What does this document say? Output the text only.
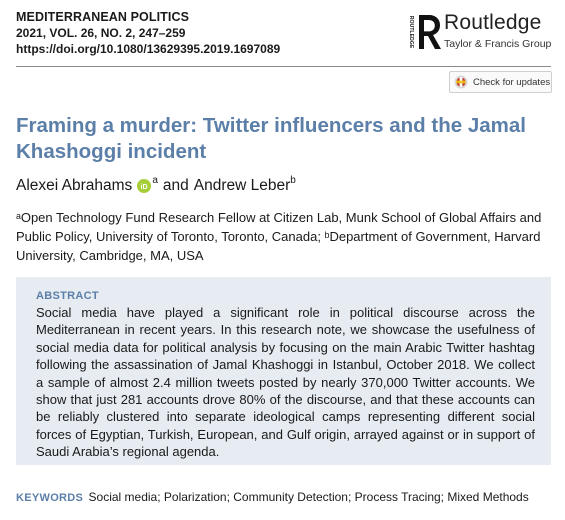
MEDITERRANEAN POLITICS
2021, VOL. 26, NO. 2, 247–259
https://doi.org/10.1080/13629395.2019.1697089
ROUTLEDGE Routledge
Taylor & Francis Group
Check for updates
Framing a murder: Twitter influencers and the Jamal Khashoggi incident
Alexei Abrahams iD
a and Andrew Leber b
ᵃOpen Technology Fund Research Fellow at Citizen Lab, Munk School of Global Affairs and Public Policy, University of Toronto, Toronto, Canada; ᵇDepartment of Government, Harvard University, Cambridge, MA, USA
ABSTRACT

Social media have played a significant role in political discourse across the Mediterranean in recent years. In this research note, we showcase the usefulness of social media data for political analysis by focusing on the main Arabic Twitter hashtag following the assassination of Jamal Khashoggi in Istanbul, October 2018. We collect a sample of almost 2.4 million tweets posted by nearly 370,000 Twitter accounts. We show that just 281 accounts drove 80% of the discourse, and that these accounts can be reliably clustered into separate ideological camps representing different social forces of Egyptian, Turkish, European, and Gulf origin, arrayed against or in support of Saudi Arabia’s regional agenda.

KEYWORDS Social media; Polarization; Community Detection; Process Tracing; Mixed Methods
